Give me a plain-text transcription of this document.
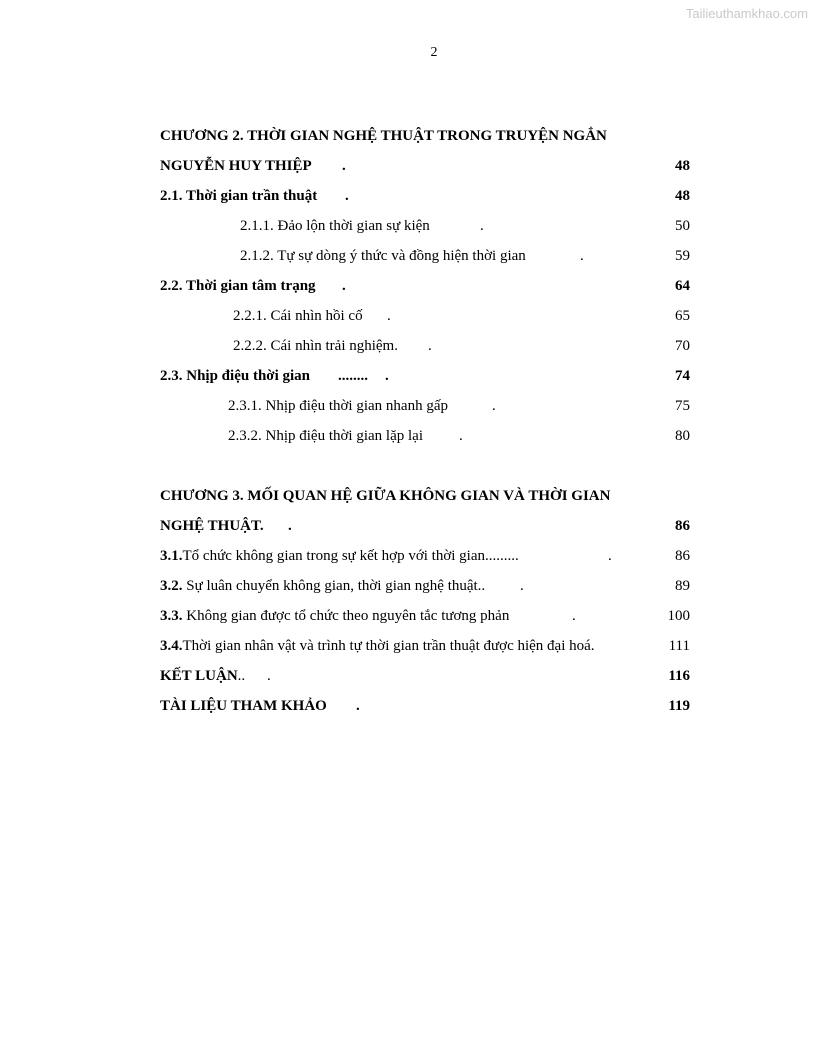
Tailieuthamkhao.com
2
CHƯƠNG 2. THỜI GIAN NGHỆ THUẬT TRONG TRUYỆN NGẮN
NGUYỄN HUY THIỆP .	48
2.1. Thời gian trần thuật .	48
2.1.1. Đảo lộn thời gian sự kiện	.	50
2.1.2. Tự sự dòng ý thức và đồng hiện thời gian	.	59
2.2. Thời gian tâm trạng .	64
2.2.1. Cái nhìn hồi cố .	65
2.2.2. Cái nhìn trải nghiệm. .	70
2.3. Nhịp điệu thời gian ........ .	74
2.3.1. Nhịp điệu thời gian nhanh gấp	.	75
2.3.2. Nhịp điệu thời gian lặp lại .	80
CHƯƠNG 3. MỐI QUAN HỆ GIỮA KHÔNG GIAN VÀ THỜI GIAN
NGHỆ THUẬT. .	86
3.1.Tổ chức không gian trong sự kết hợp với thời gian.........	.	86
3.2. Sự luân chuyển không gian, thời gian nghệ thuật.. .	89
3.3. Không gian được tổ chức theo nguyên tắc tương phản	.	100
3.4.Thời gian nhân vật và trình tự thời gian trần thuật được hiện đại hoá.	111
KẾT LUẬN.. .	116
TÀI LIỆU THAM KHẢO .	119
